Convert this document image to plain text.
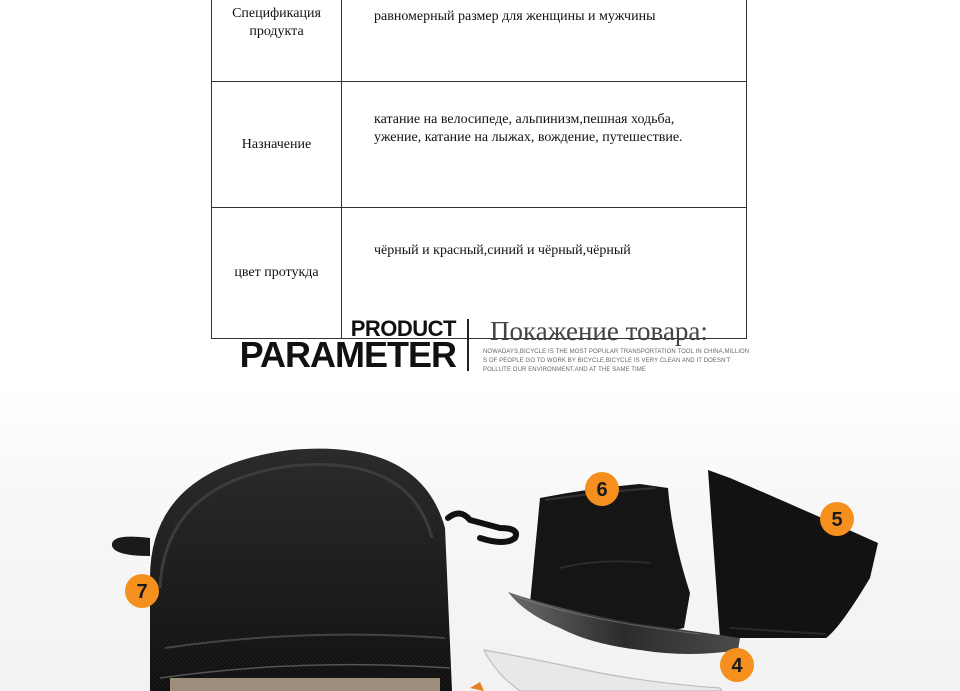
Спецификация продукта	равномерный размер для женщины и мужчины
Назначение	катание на велосипеде, альпинизм,пешная ходьба,
ужение, катание на лыжах, вождение, путешествие.

цвет протукда	чёрный и красный,синий и чёрный,чёрный
PRODUCT
PARAMETER
Покажение товара:
NOWADAYS,BICYCLE IS THE MOST POPULAR TRANSPORTATION TOOL IN CHINA,MILLION
S OF PEOPLE GO TO WORK BY BICYCLE,BICYCLE IS VERY CLEAN AND IT DOESN'T
POLLUTE OUR ENVIRONMENT,AND AT THE SAME TIME
7
6
5
4
